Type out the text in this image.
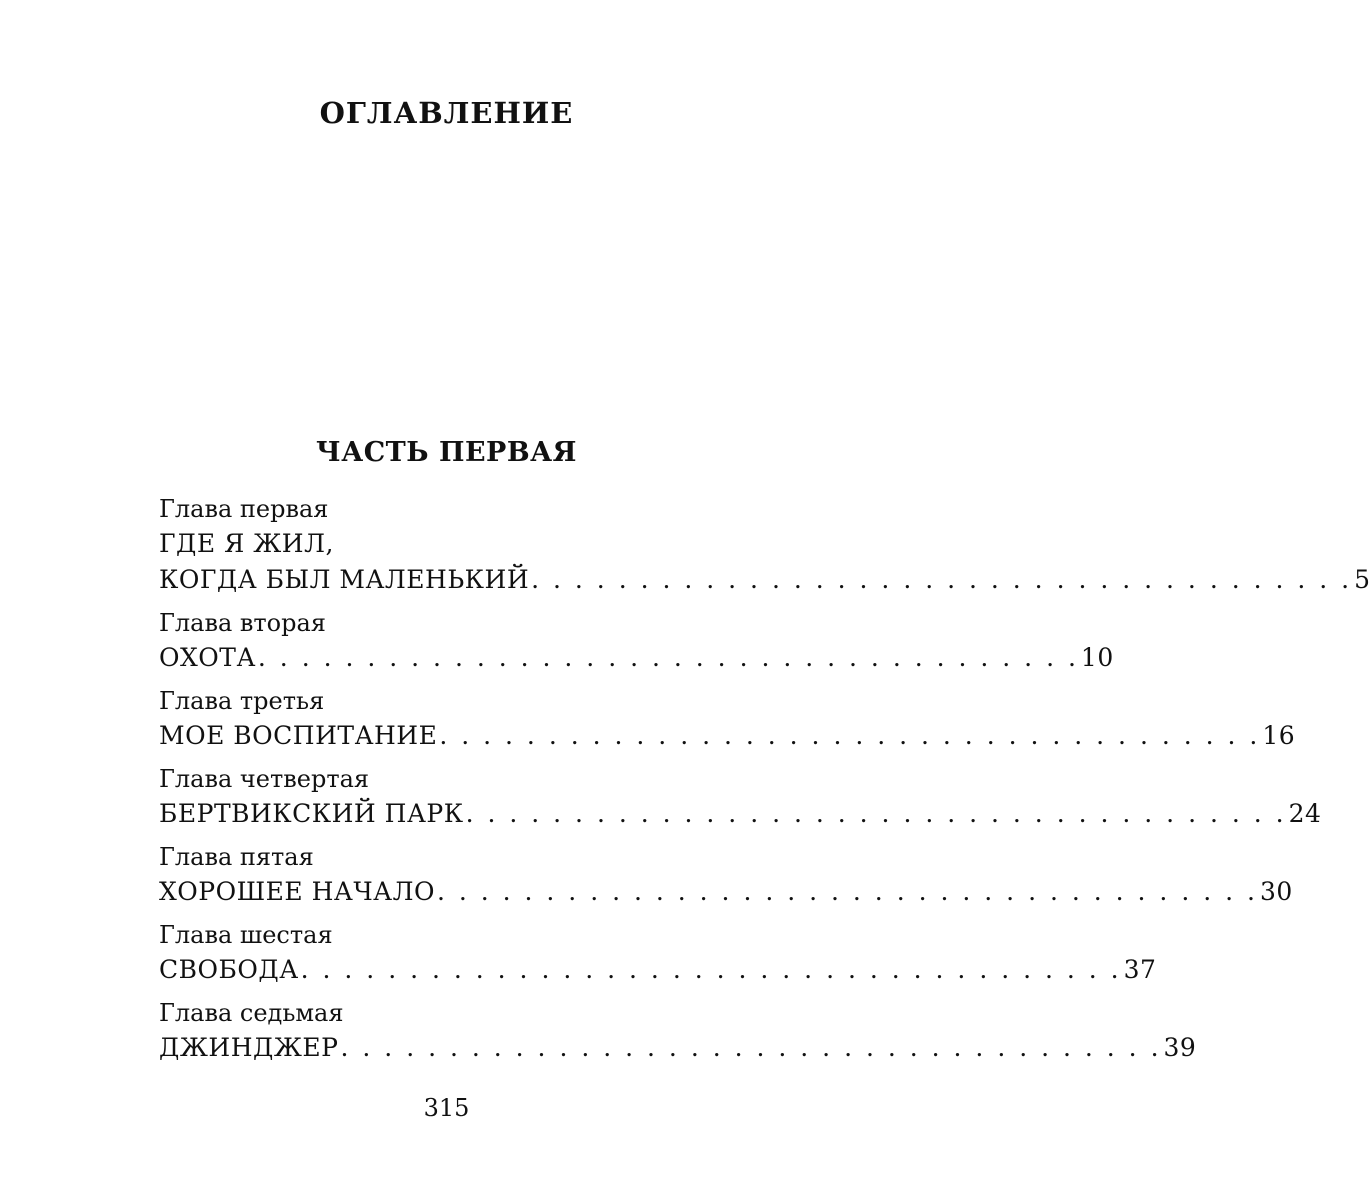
ОГЛАВЛЕНИЕ
ЧАСТЬ ПЕРВАЯ
Глава первая
ГДЕ Я ЖИЛ,
КОГДА БЫЛ МАЛЕНЬКИЙ . . . . . . . . . . . . . . . . . . . . . . . . . . . . . . . . . . . . . . 5
Глава вторая
ОХОТА . . . . . . . . . . . . . . . . . . . . . . . . . . . . . . . . . . . . . . 10
Глава третья
МОЕ ВОСПИТАНИЕ . . . . . . . . . . . . . . . . . . . . . . . . . . . . . . . . . . . . . . 16
Глава четвертая
БЕРТВИКСКИЙ ПАРК . . . . . . . . . . . . . . . . . . . . . . . . . . . . . . . . . . . . . . 24
Глава пятая
ХОРОШЕЕ НАЧАЛО . . . . . . . . . . . . . . . . . . . . . . . . . . . . . . . . . . . . . . 30
Глава шестая
СВОБОДА . . . . . . . . . . . . . . . . . . . . . . . . . . . . . . . . . . . . . . 37
Глава седьмая
ДЖИНДЖЕР . . . . . . . . . . . . . . . . . . . . . . . . . . . . . . . . . . . . . . 39
315
